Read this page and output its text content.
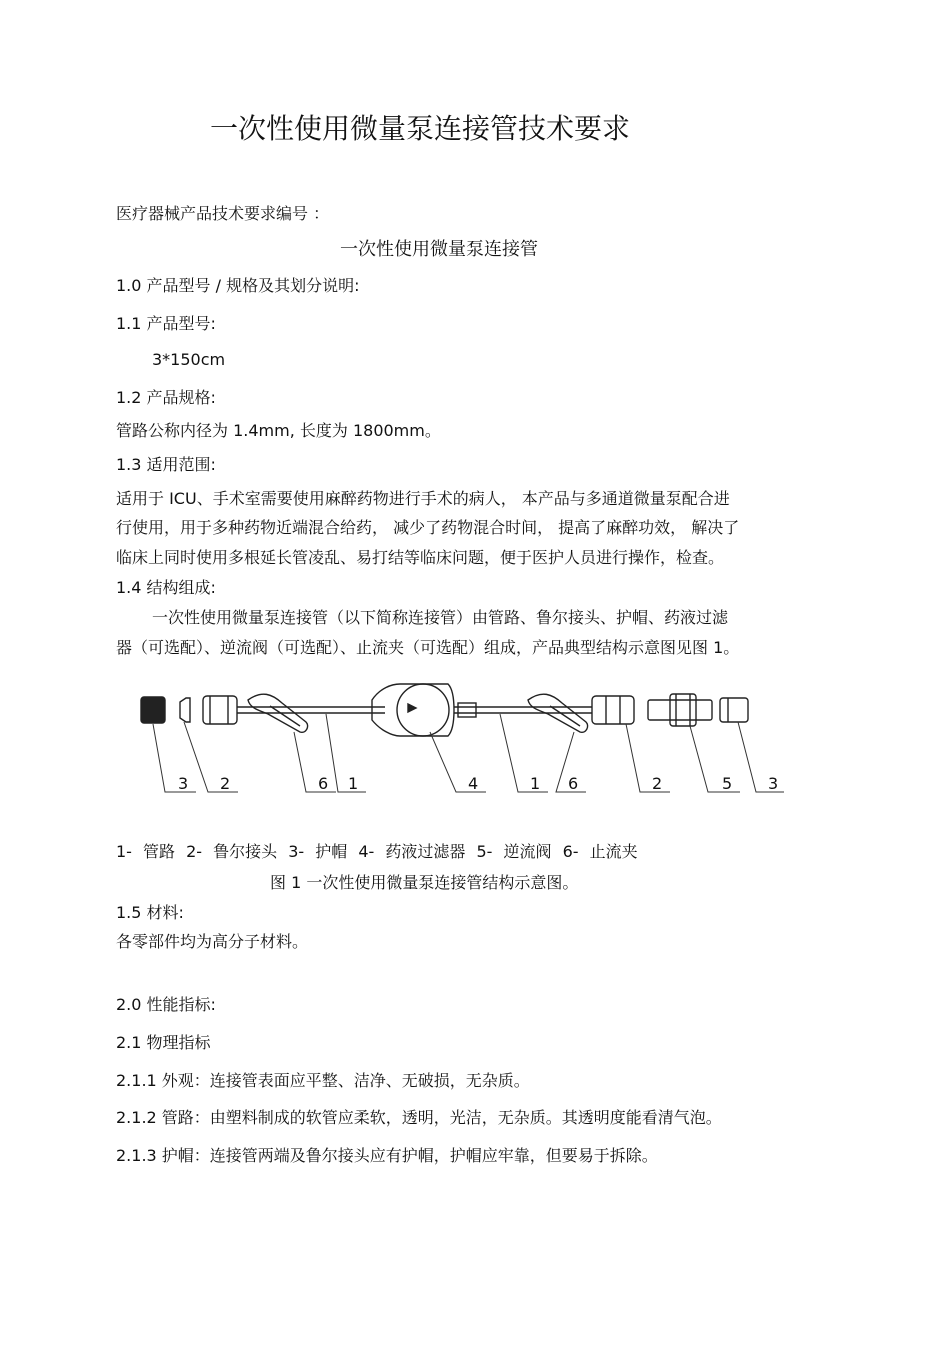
一次性使用微量泵连接管技术要求
医疗器械产品技术要求编号 ：
一次性使用微量泵连接管
1.0 产品型号 / 规格及其划分说明:
1.1 产品型号:
3*150cm
1.2 产品规格:
管路公称内径为 1.4mm, 长度为 1800mm。
1.3 适用范围:
适用于 ICU、手术室需要使用麻醉药物进行手术的病人， 本产品与多通道微量泵配合进
行使用，用于多种药物近端混合给药， 减少了药物混合时间， 提高了麻醉功效， 解决了
临床上同时使用多根延长管凌乱、易打结等临床问题，便于医护人员进行操作，检查。
1.4 结构组成:
一次性使用微量泵连接管（以下简称连接管）由管路、鲁尔接头、护帽、药液过滤
器（可选配）、逆流阀（可选配）、止流夹（可选配）组成，产品典型结构示意图见图 1。
3 2	6 1	4	1 6	2	5 3
1- 管路 2- 鲁尔接头 3- 护帽 4- 药液过滤器 5- 逆流阀 6- 止流夹
图 1 一次性使用微量泵连接管结构示意图。
1.5 材料:
各零部件均为高分子材料。
2.0 性能指标:
2.1 物理指标
2.1.1 外观：连接管表面应平整、洁净、无破损，无杂质。
2.1.2 管路：由塑料制成的软管应柔软，透明，光洁，无杂质。其透明度能看清气泡。
2.1.3 护帽：连接管两端及鲁尔接头应有护帽，护帽应牢靠，但要易于拆除。
